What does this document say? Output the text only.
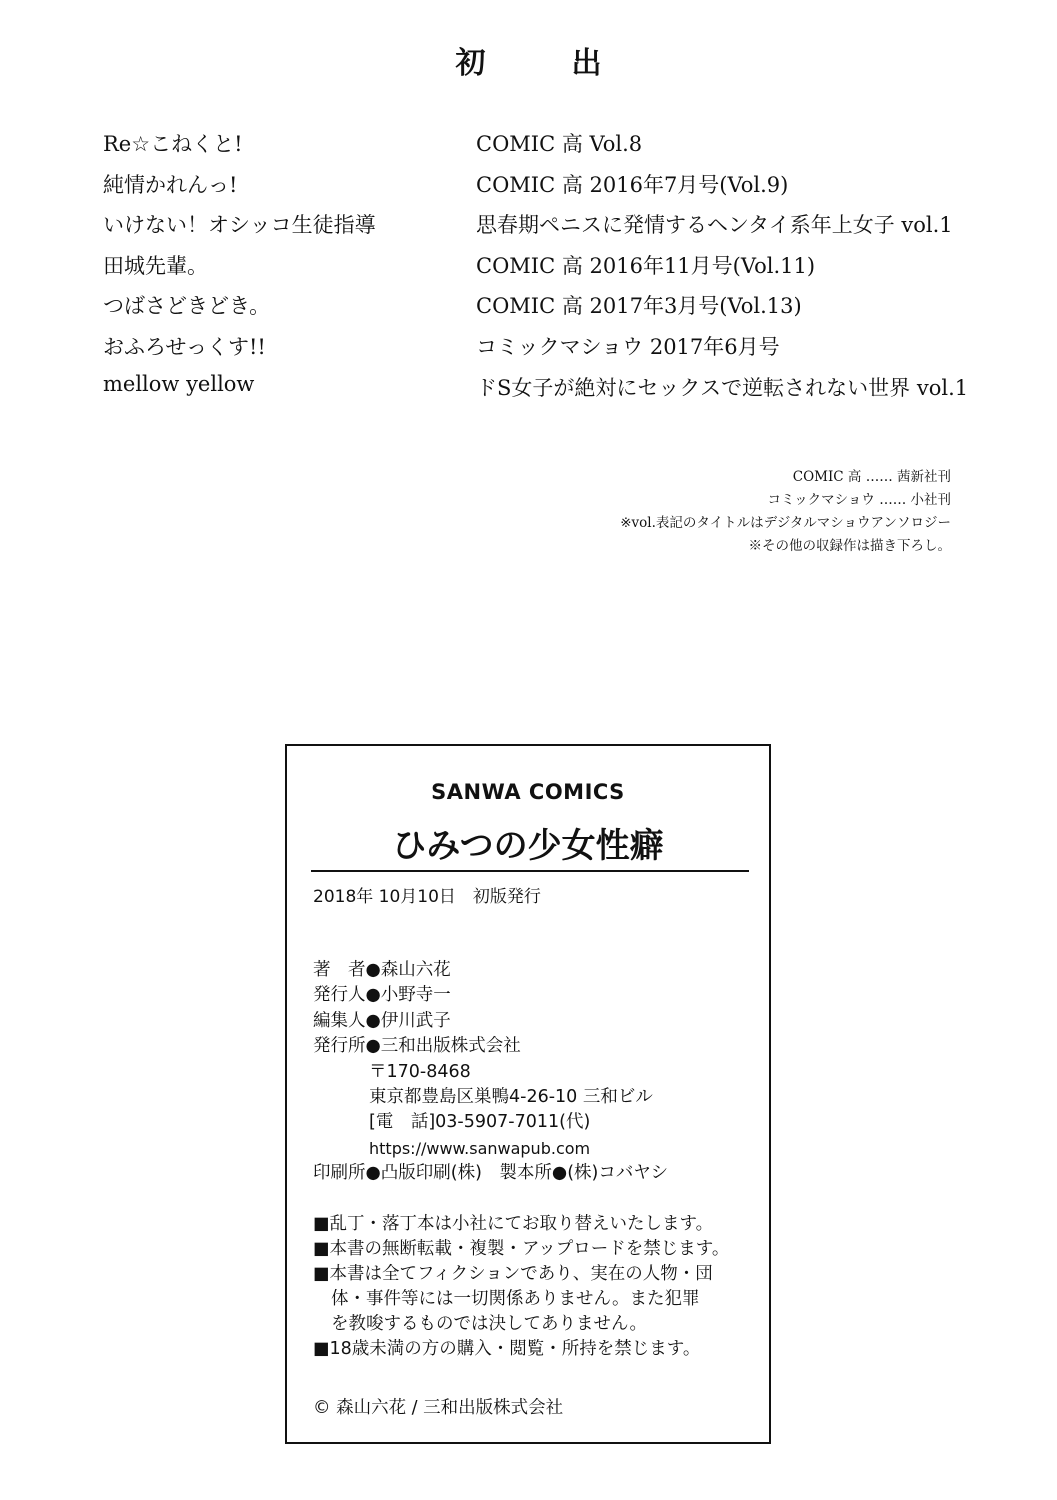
初　出
Re☆こねくと!	COMIC 高 Vol.8
純情かれんっ!	COMIC 高 2016年7月号(Vol.9)
いけない！オシッコ生徒指導	思春期ペニスに発情するヘンタイ系年上女子 vol.1
田城先輩。	COMIC 高 2016年11月号(Vol.11)
つばさどきどき。	COMIC 高 2017年3月号(Vol.13)
おふろせっくす!!	コミックマショウ 2017年6月号
mellow yellow	ドS女子が絶対にセックスで逆転されない世界 vol.1
COMIC 高 …… 茜新社刊
コミックマショウ …… 小社刊
※vol.表記のタイトルはデジタルマショウアンソロジー
※その他の収録作は描き下ろし。
SANWA COMICS
ひみつの少女性癖
2018年 10月10日　初版発行
著　者●森山六花
発行人●小野寺一
編集人●伊川武子
発行所●三和出版株式会社
〒170-8468
東京都豊島区巣鴨4-26-10 三和ビル
[電　話]03-5907-7011(代)
https://www.sanwapub.com
印刷所●凸版印刷(株)　製本所●(株)コバヤシ
■乱丁・落丁本は小社にてお取り替えいたします。
■本書の無断転載・複製・アップロードを禁じます。
■本書は全てフィクションであり、実在の人物・団
体・事件等には一切関係ありません。また犯罪
を教唆するものでは決してありません。
■18歳未満の方の購入・閲覧・所持を禁じます。
© 森山六花 / 三和出版株式会社
